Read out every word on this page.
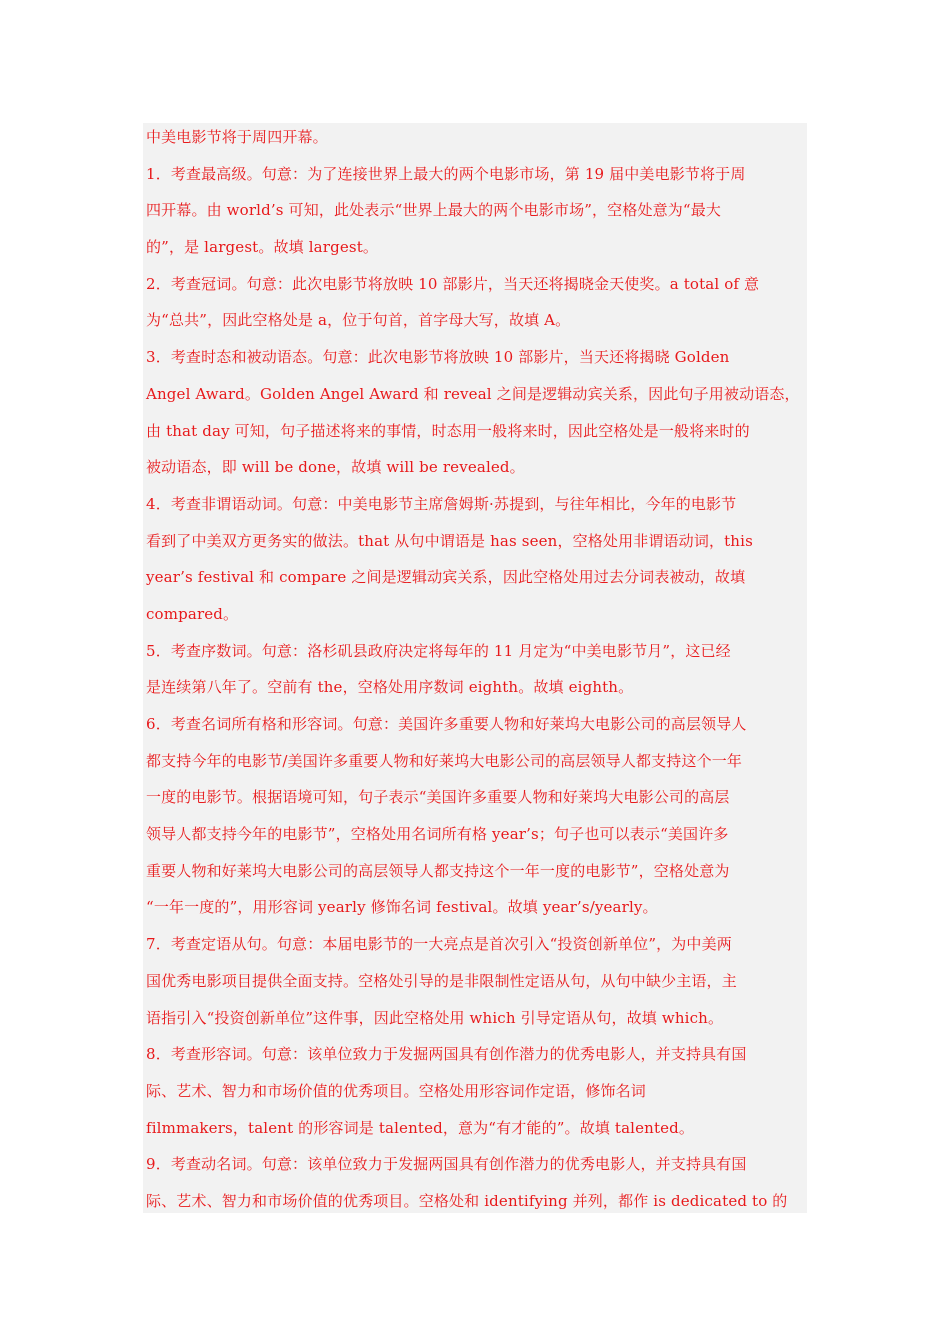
中美电影节将于周四开幕。
1．考查最高级。句意：为了连接世界上最大的两个电影市场，第 19 届中美电影节将于周
四开幕。由 world’s 可知，此处表示“世界上最大的两个电影市场”，空格处意为“最大
的”，是 largest。故填 largest。
2．考查冠词。句意：此次电影节将放映 10 部影片，当天还将揭晓金天使奖。a total of 意
为“总共”，因此空格处是 a，位于句首，首字母大写，故填 A。
3．考查时态和被动语态。句意：此次电影节将放映 10 部影片，当天还将揭晓 Golden
Angel Award。Golden Angel Award 和 reveal 之间是逻辑动宾关系，因此句子用被动语态，
由 that day 可知，句子描述将来的事情，时态用一般将来时，因此空格处是一般将来时的
被动语态，即 will be done，故填 will be revealed。
4．考查非谓语动词。句意：中美电影节主席詹姆斯·苏提到，与往年相比，今年的电影节
看到了中美双方更务实的做法。that 从句中谓语是 has seen，空格处用非谓语动词，this
year’s festival 和 compare 之间是逻辑动宾关系，因此空格处用过去分词表被动，故填
compared。
5．考查序数词。句意：洛杉矶县政府决定将每年的 11 月定为“中美电影节月”，这已经
是连续第八年了。空前有 the，空格处用序数词 eighth。故填 eighth。
6．考查名词所有格和形容词。句意：美国许多重要人物和好莱坞大电影公司的高层领导人
都支持今年的电影节/美国许多重要人物和好莱坞大电影公司的高层领导人都支持这个一年
一度的电影节。根据语境可知，句子表示“美国许多重要人物和好莱坞大电影公司的高层
领导人都支持今年的电影节”，空格处用名词所有格 year’s；句子也可以表示“美国许多
重要人物和好莱坞大电影公司的高层领导人都支持这个一年一度的电影节”，空格处意为
“一年一度的”，用形容词 yearly 修饰名词 festival。故填 year’s/yearly。
7．考查定语从句。句意：本届电影节的一大亮点是首次引入“投资创新单位”，为中美两
国优秀电影项目提供全面支持。空格处引导的是非限制性定语从句，从句中缺少主语，主
语指引入“投资创新单位”这件事，因此空格处用 which 引导定语从句，故填 which。
8．考查形容词。句意：该单位致力于发掘两国具有创作潜力的优秀电影人，并支持具有国
际、艺术、智力和市场价值的优秀项目。空格处用形容词作定语，修饰名词
filmmakers，talent 的形容词是 talented，意为“有才能的”。故填 talented。
9．考查动名词。句意：该单位致力于发掘两国具有创作潜力的优秀电影人，并支持具有国
际、艺术、智力和市场价值的优秀项目。空格处和 identifying 并列，都作 is dedicated to 的
